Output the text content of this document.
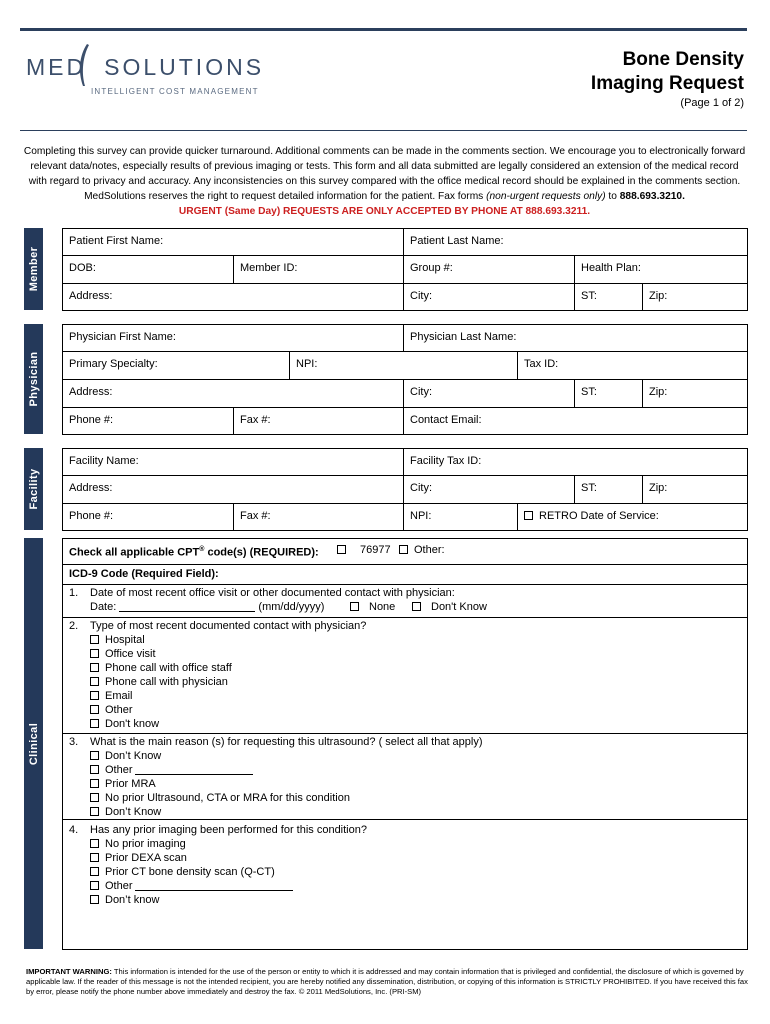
MED SOLUTIONS
INTELLIGENT COST MANAGEMENT
Bone Density
Imaging Request
(Page 1 of 2)
Completing this survey can provide quicker turnaround. Additional comments can be made in the comments section. We encourage you to electronically forward relevant data/notes, especially results of previous imaging or tests. This form and all data submitted are legally considered an extension of the medical record with regard to privacy and accuracy. Any inconsistencies on this survey compared with the office medical record should be explained in the comments section. MedSolutions reserves the right to request detailed information for the patient. Fax forms (non-urgent requests only) to 888.693.3210.
URGENT (Same Day) REQUESTS ARE ONLY ACCEPTED BY PHONE AT 888.693.3211.
Member
Patient First Name:	Patient Last Name:
DOB:	Member ID:	Group #:	Health Plan:
Address:	City:	ST:	Zip:
Physician
Physician First Name:	Physician Last Name:
Primary Specialty:	NPI:	Tax ID:
Address:	City:	ST:	Zip:
Phone #:	Fax #:	Contact Email:
Facility
Facility Name:	Facility Tax ID:
Address:	City:	ST:	Zip:
Phone #:	Fax #:	NPI:	RETRO Date of Service:
Clinical
Check all applicable CPT® code(s) (REQUIRED):	76977	Other:
ICD-9 Code (Required Field):
1. Date of most recent office visit or other documented contact with physician:
Date:	(mm/dd/yyyy)	None	Don't Know
2. Type of most recent documented contact with physician?
Hospital
Office visit
Phone call with office staff
Phone call with physician
Email
Other
Don't know
3. What is the main reason (s) for requesting this ultrasound? ( select all that apply)
Don’t Know
Other
Prior MRA
No prior Ultrasound, CTA or MRA for this condition
Don’t Know
4. Has any prior imaging been performed for this condition?
No prior imaging
Prior DEXA scan
Prior CT bone density scan (Q-CT)
Other
Don’t know
IMPORTANT WARNING: This information is intended for the use of the person or entity to which it is addressed and may contain information that is privileged and confidential, the disclosure of which is governed by applicable law. If the reader of this message is not the intended recipient, you are hereby notified any dissemination, distribution, or copying of this information is STRICTLY PROHIBITED. If you have received this fax by error, please notify the phone number above immediately and destroy the fax. © 2011 MedSolutions, Inc. (PRI-SM)
